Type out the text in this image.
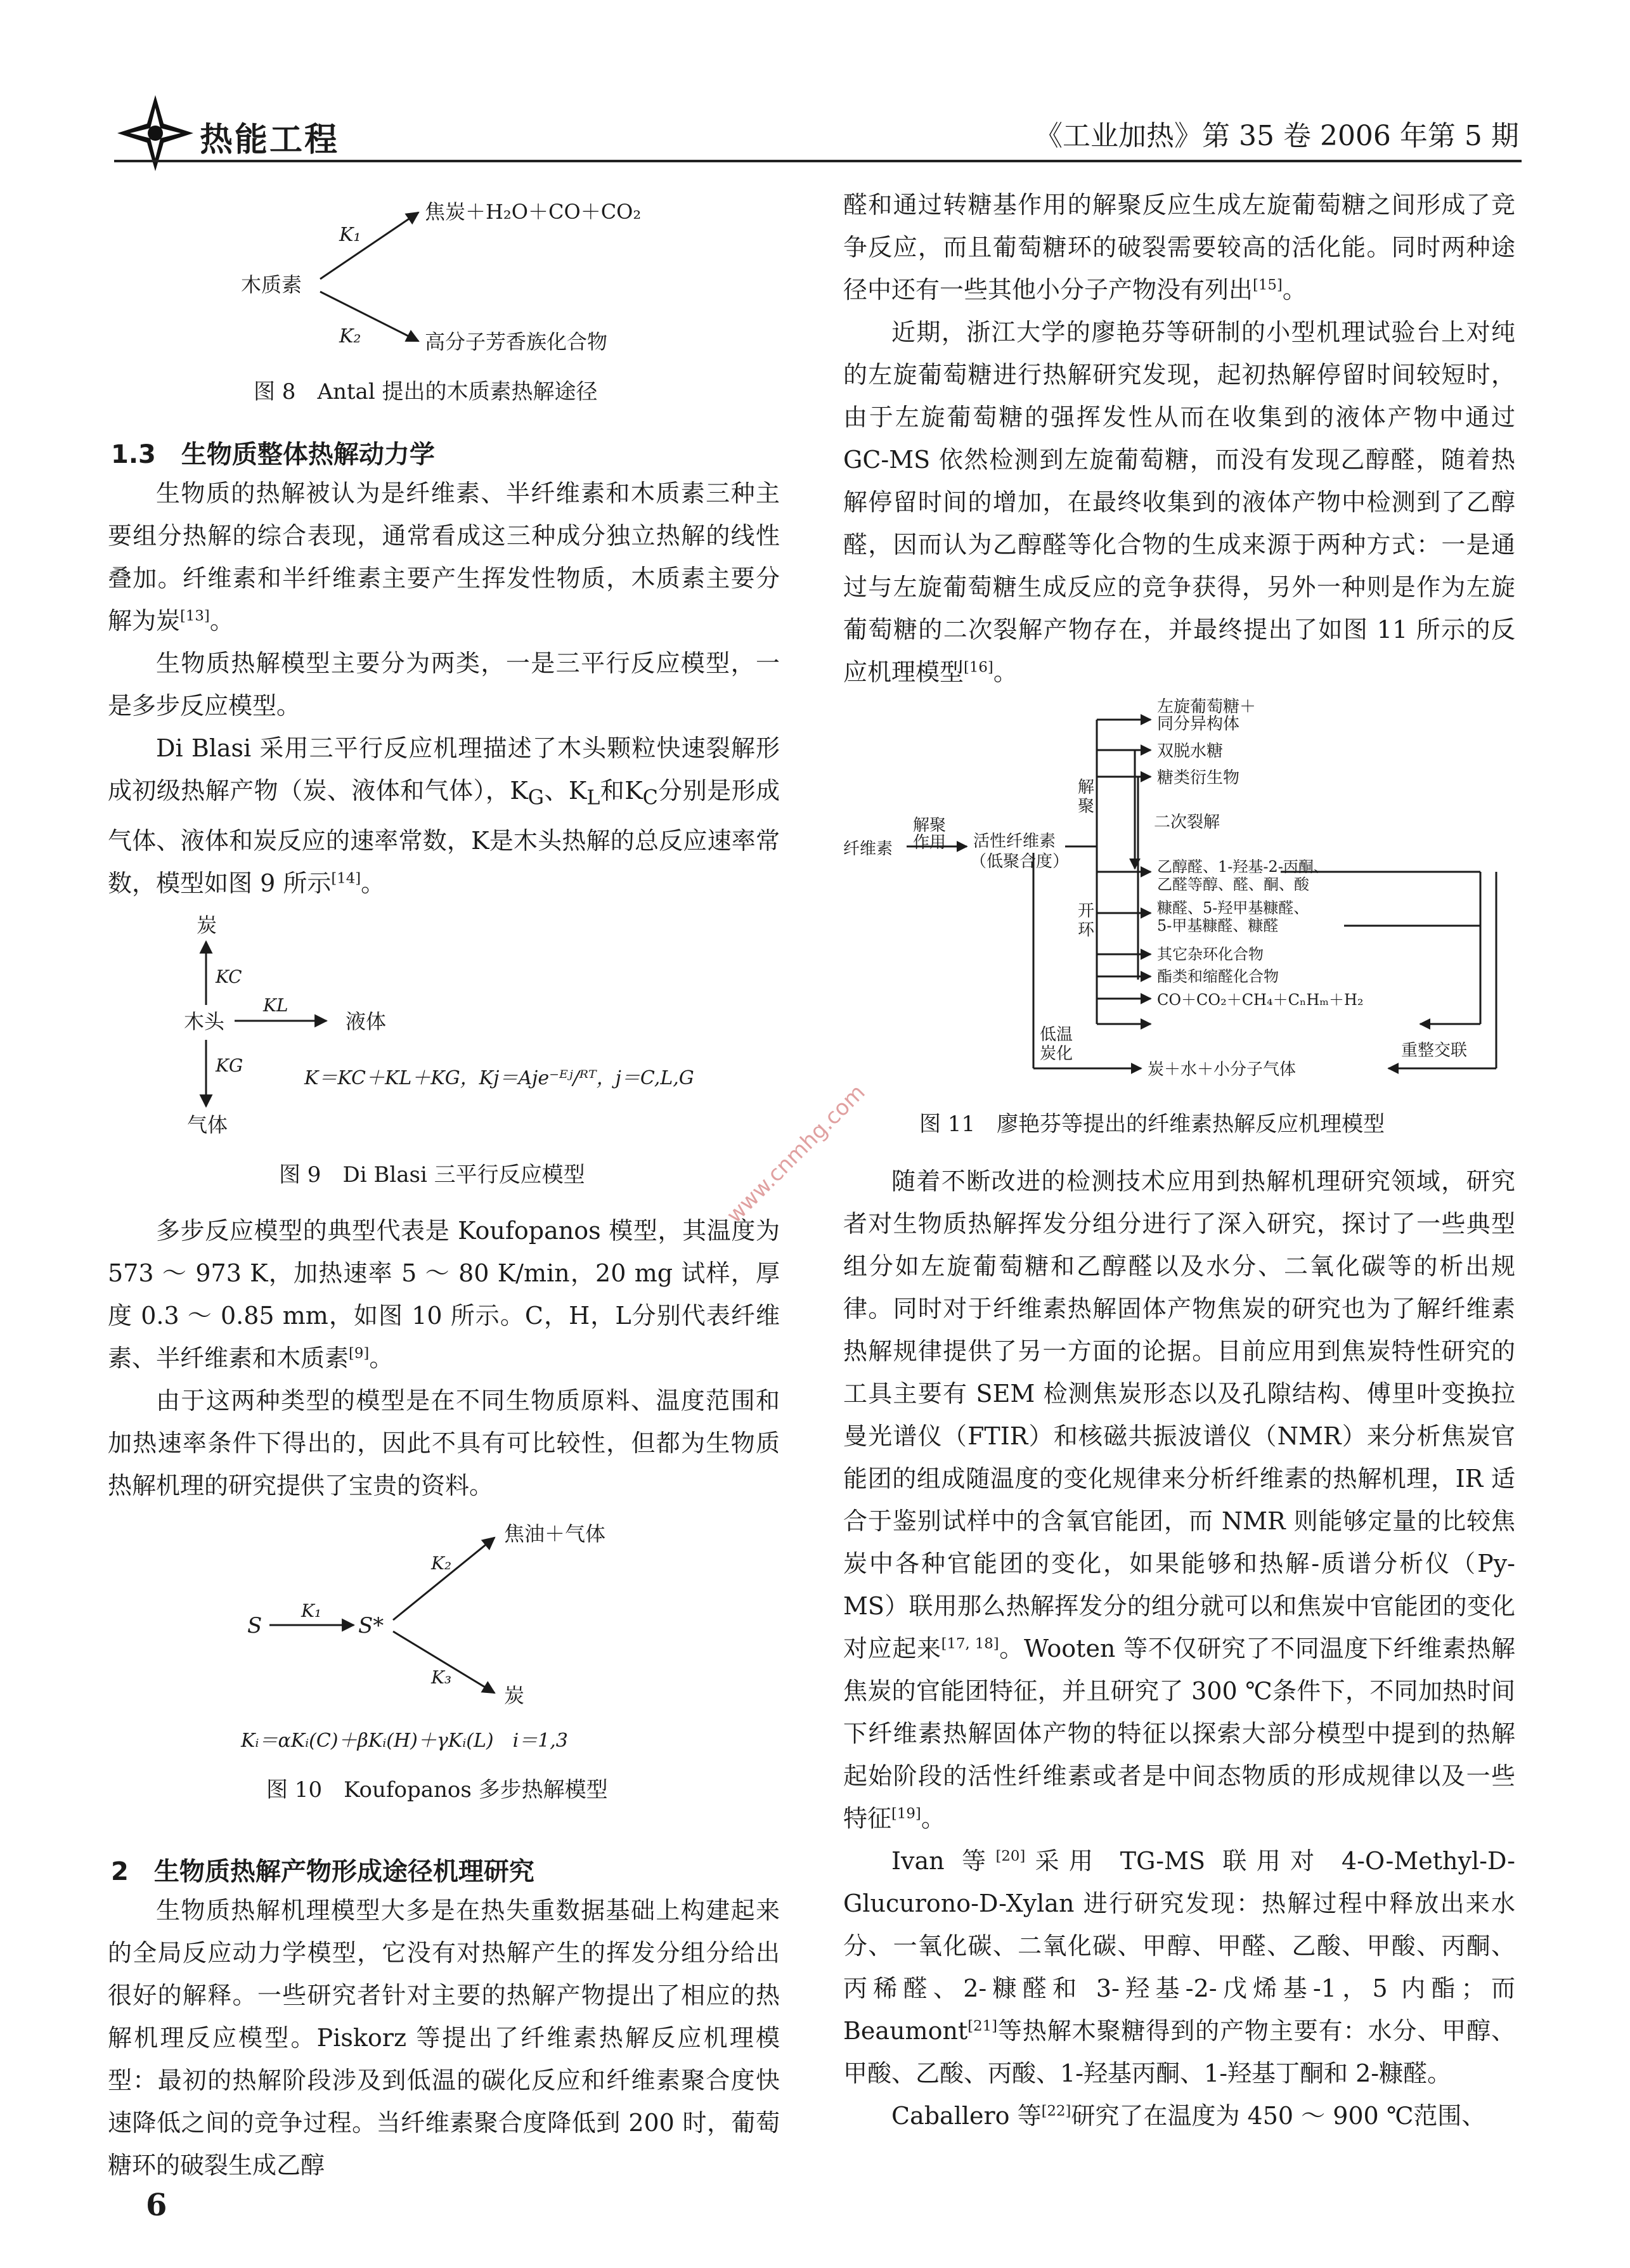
热能工程	《工业加热》第 35 卷 2006 年第 5 期
K₁
K₂
木质素
焦炭＋H₂O＋CO＋CO₂
高分子芳香族化合物
图 8　Antal 提出的木质素热解途径
1.3　生物质整体热解动力学

生物质的热解被认为是纤维素、半纤维素和木质素三种主要组分热解的综合表现，通常看成这三种成分独立热解的线性叠加。纤维素和半纤维素主要产生挥发性物质，木质素主要分解为炭[13]。

生物质热解模型主要分为两类，一是三平行反应模型，一是多步反应模型。

Di Blasi 采用三平行反应机理描述了木头颗粒快速裂解形成初级热解产物（炭、液体和气体），$K_G$、$K_L$和$K_C$分别是形成气体、液体和炭反应的速率常数，K是木头热解的总反应速率常数，模型如图 9 所示[14]。

炭
KC
木头
KL
液体
KG
气体
K＝KC＋KL＋KG，Kj＝Aje⁻ᴱʲ/ᴿᵀ，j＝C,L,G
图 9　Di Blasi 三平行反应模型

多步反应模型的典型代表是 Koufopanos 模型，其温度为 573 ～ 973 K，加热速率 5 ～ 80 K/min，20 mg 试样，厚度 0.3 ～ 0.85 mm，如图 10 所示。C，H，L分别代表纤维素、半纤维素和木质素[9]。

由于这两种类型的模型是在不同生物质原料、温度范围和加热速率条件下得出的，因此不具有可比较性，但都为生物质热解机理的研究提供了宝贵的资料。

S
K₁
S*
K₂
焦油＋气体
K₃
炭
Kᵢ＝αKᵢ(C)＋βKᵢ(H)＋γKᵢ(L)　i＝1,3
图 10　Koufopanos 多步热解模型
2　生物质热解产物形成途径机理研究

生物质热解机理模型大多是在热失重数据基础上构建起来的全局反应动力学模型，它没有对热解产生的挥发分组分给出很好的解释。一些研究者针对主要的热解产物提出了相应的热解机理反应模型。Piskorz 等提出了纤维素热解反应机理模型：最初的热解阶段涉及到低温的碳化反应和纤维素聚合度快速降低之间的竞争过程。当纤维素聚合度降低到 200 时，葡萄糖环的破裂生成乙醇

醛和通过转糖基作用的解聚反应生成左旋葡萄糖之间形成了竞争反应，而且葡萄糖环的破裂需要较高的活化能。同时两种途径中还有一些其他小分子产物没有列出[15]。

近期，浙江大学的廖艳芬等研制的小型机理试验台上对纯的左旋葡萄糖进行热解研究发现，起初热解停留时间较短时，由于左旋葡萄糖的强挥发性从而在收集到的液体产物中通过 GC-MS 依然检测到左旋葡萄糖，而没有发现乙醇醛，随着热解停留时间的增加，在最终收集到的液体产物中检测到了乙醇醛，因而认为乙醇醛等化合物的生成来源于两种方式：一是通过与左旋葡萄糖生成反应的竞争获得，另外一种则是作为左旋葡萄糖的二次裂解产物存在，并最终提出了如图 11 所示的反应机理模型[16]。

纤维素
解聚
作用 活性纤维素
（低聚合度）
解聚
开环
低温
炭化
左旋葡萄糖＋
同分异构体
双脱水糖
糖类衍生物
二次裂解
乙醇醛、1-羟基-2-丙酮、
乙醛等醇、醛、酮、酸
糠醛、5-羟甲基糠醛、
5-甲基糠醛、糠醛
其它杂环化合物
酯类和缩醛化合物
CO＋CO₂＋CH₄＋CₙHₘ＋H₂
炭＋水＋小分子气体
重整交联
图 11　廖艳芬等提出的纤维素热解反应机理模型

随着不断改进的检测技术应用到热解机理研究领域，研究者对生物质热解挥发分组分进行了深入研究，探讨了一些典型组分如左旋葡萄糖和乙醇醛以及水分、二氧化碳等的析出规律。同时对于纤维素热解固体产物焦炭的研究也为了解纤维素热解规律提供了另一方面的论据。目前应用到焦炭特性研究的工具主要有 SEM 检测焦炭形态以及孔隙结构、傅里叶变换拉曼光谱仪（FTIR）和核磁共振波谱仪（NMR）来分析焦炭官能团的组成随温度的变化规律来分析纤维素的热解机理，IR 适合于鉴别试样中的含氧官能团，而 NMR 则能够定量的比较焦炭中各种官能团的变化，如果能够和热解-质谱分析仪（Py-MS）联用那么热解挥发分的组分就可以和焦炭中官能团的变化对应起来[17, 18]。Wooten 等不仅研究了不同温度下纤维素热解焦炭的官能团特征，并且研究了 300 ℃条件下，不同加热时间下纤维素热解固体产物的特征以探索大部分模型中提到的热解起始阶段的活性纤维素或者是中间态物质的形成规律以及一些特征[19]。

Ivan 等[20]采用 TG-MS 联用对 4-O-Methyl-D-Glucurono-D-Xylan 进行研究发现：热解过程中释放出来水分、一氧化碳、二氧化碳、甲醇、甲醛、乙酸、甲酸、丙酮、丙稀醛、2-糠醛和 3-羟基-2-戊烯基-1，5 内酯；而 Beaumont[21]等热解木聚糖得到的产物主要有：水分、甲醇、甲酸、乙酸、丙酸、1-羟基丙酮、1-羟基丁酮和 2-糠醛。

Caballero 等[22]研究了在温度为 450 ～ 900 ℃范围、

6
www.cnmhg.com
